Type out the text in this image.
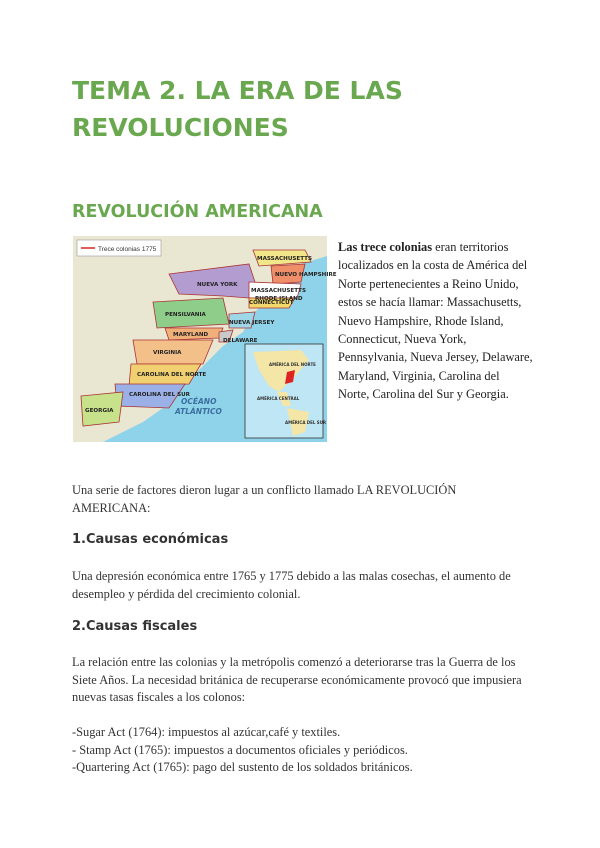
TEMA 2. LA ERA DE LAS
REVOLUCIONES
REVOLUCIÓN AMERICANA
Trece colonias 1775
MASSACHUSETTS
NUEVO HAMPSHIRE
NUEVA YORK
MASSACHUSETTS
CONNECTICUT
RHODE ISLAND
PENSILVANIA
NUEVA JERSEY
MARYLAND
DELAWARE
VIRGINIA
CAROLINA DEL NORTE
CAROLINA DEL SUR
GEORGIA
OCÉANO
ATLÁNTICO
AMÉRICA DEL NORTE
AMÉRICA CENTRAL
AMÉRICA DEL SUR

Las trece colonias eran territorios localizados en la costa de América del Norte pertenecientes a Reino Unido, estos se hacía llamar: Massachusetts, Nuevo Hampshire, Rhode Island, Connecticut, Nueva York, Pennsylvania, Nueva Jersey, Delaware, Maryland, Virginia, Carolina del Norte, Carolina del Sur y Georgia.

Una serie de factores dieron lugar a un conflicto llamado LA REVOLUCIÓN AMERICANA:

1.Causas económicas

Una depresión económica entre 1765 y 1775 debido a las malas cosechas, el aumento de desempleo y pérdida del crecimiento colonial.

2.Causas fiscales

La relación entre las colonias y la metrópolis comenzó a deteriorarse tras la Guerra de los Siete Años. La necesidad británica de recuperarse económicamente provocó que impusiera nuevas tasas fiscales a los colonos:

-Sugar Act (1764): impuestos al azúcar,café y textiles.
- Stamp Act (1765): impuestos a documentos oficiales y periódicos.
-Quartering Act (1765): pago del sustento de los soldados británicos.
